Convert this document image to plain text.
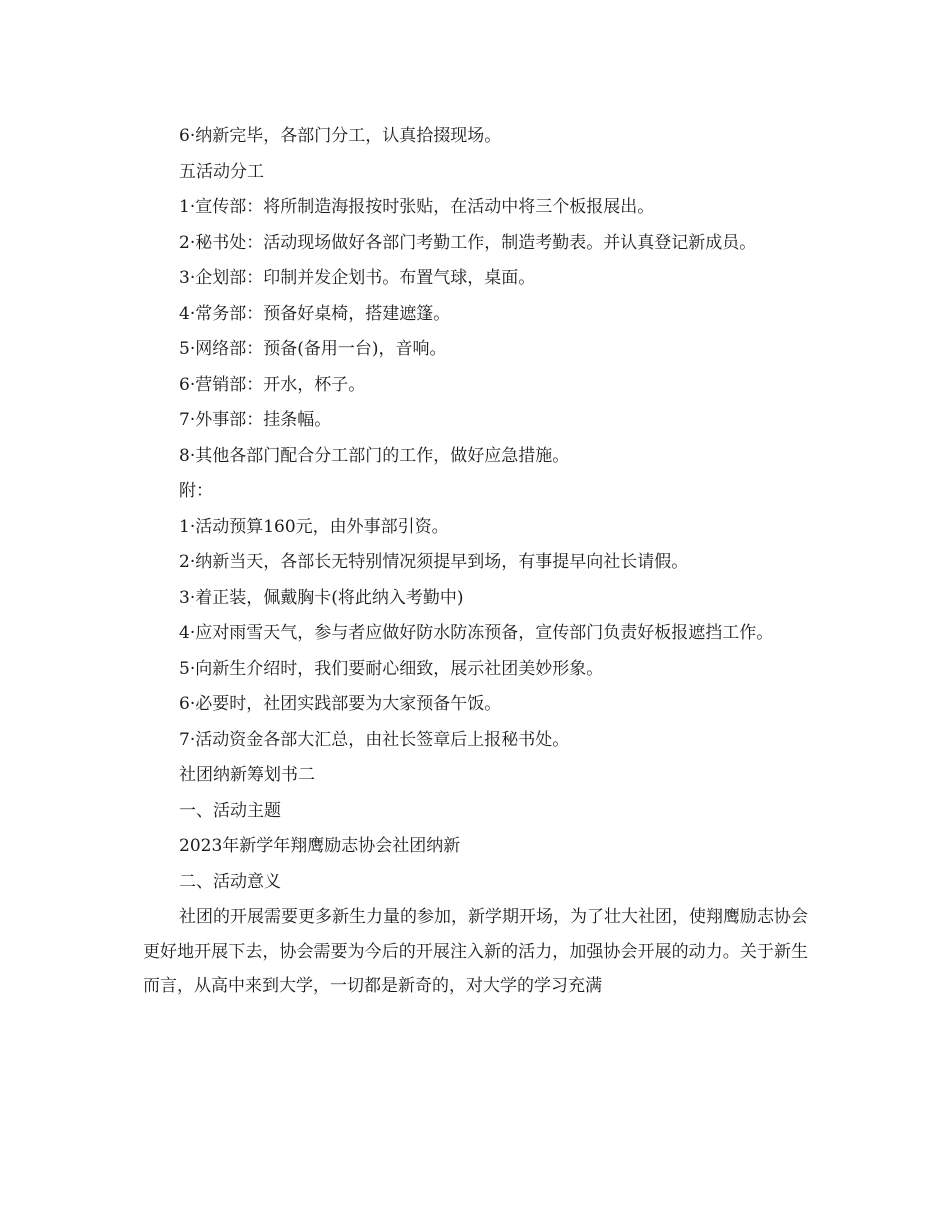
6·纳新完毕，各部门分工，认真拾掇现场。

五活动分工

1·宣传部：将所制造海报按时张贴，在活动中将三个板报展出。

2·秘书处：活动现场做好各部门考勤工作，制造考勤表。并认真登记新成员。

3·企划部：印制并发企划书。布置气球，桌面。

4·常务部：预备好桌椅，搭建遮篷。

5·网络部：预备(备用一台)，音响。

6·营销部：开水，杯子。

7·外事部：挂条幅。

8·其他各部门配合分工部门的工作，做好应急措施。

附：

1·活动预算160元，由外事部引资。

2·纳新当天，各部长无特别情况须提早到场，有事提早向社长请假。

3·着正装，佩戴胸卡(将此纳入考勤中)

4·应对雨雪天气，参与者应做好防水防冻预备，宣传部门负责好板报遮挡工作。

5·向新生介绍时，我们要耐心细致，展示社团美妙形象。

6·必要时，社团实践部要为大家预备午饭。

7·活动资金各部大汇总，由社长签章后上报秘书处。

社团纳新筹划书二

一、活动主题

2023年新学年翔鹰励志协会社团纳新

二、活动意义

社团的开展需要更多新生力量的参加，新学期开场，为了壮大社团，使翔鹰励志协会更好地开展下去，协会需要为今后的开展注入新的活力，加强协会开展的动力。关于新生而言，从高中来到大学，一切都是新奇的，对大学的学习充满
